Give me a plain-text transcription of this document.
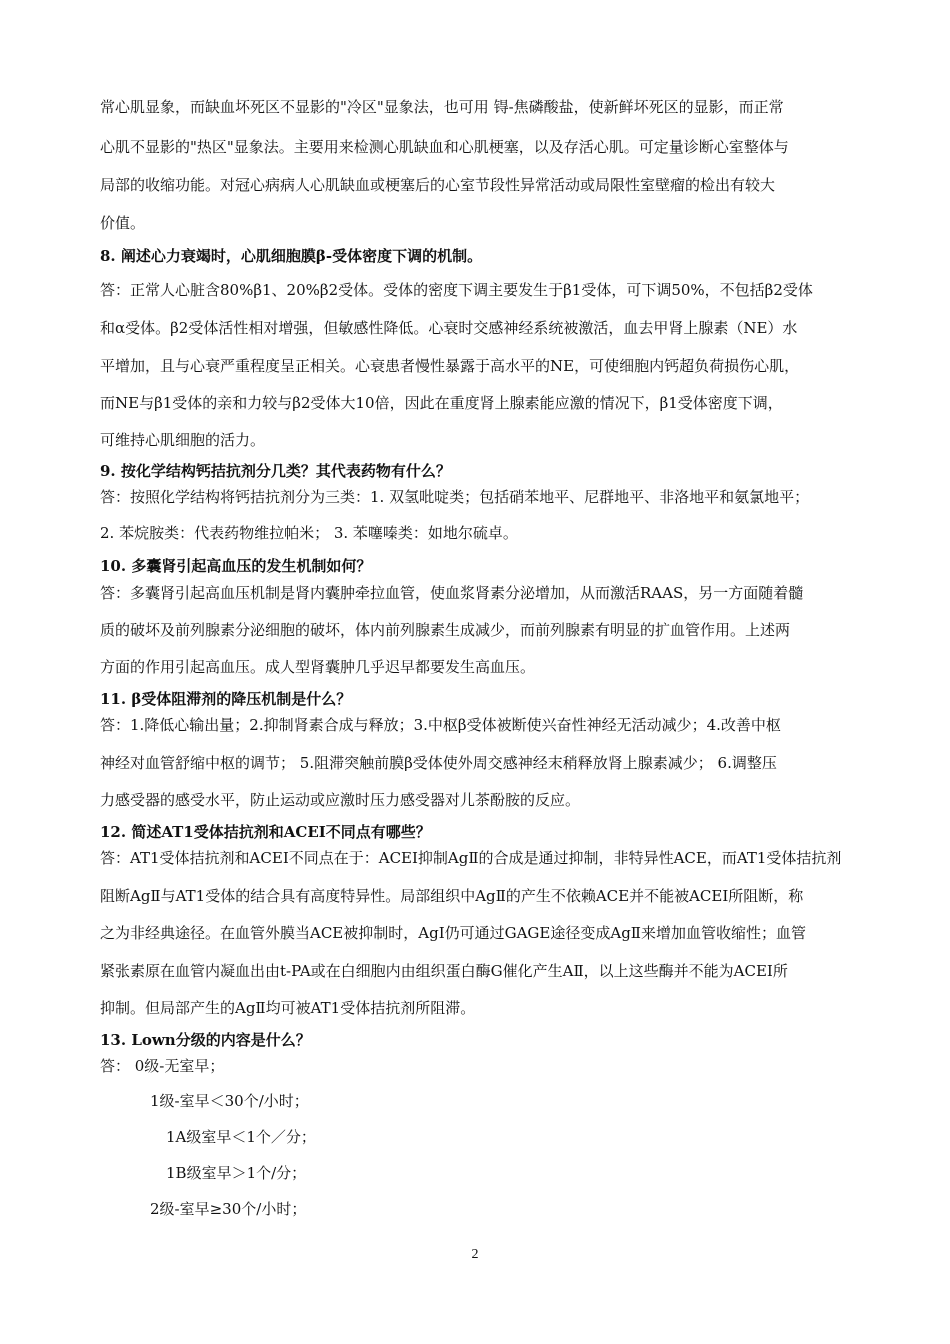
常心肌显象，而缺血坏死区不显影的"冷区"显象法，也可用 锝-焦磷酸盐，使新鲜坏死区的显影，而正常
心肌不显影的"热区"显象法。主要用来检测心肌缺血和心肌梗塞，以及存活心肌。可定量诊断心室整体与
局部的收缩功能。对冠心病病人心肌缺血或梗塞后的心室节段性异常活动或局限性室壁瘤的检出有较大
价值。
8. 阐述心力衰竭时，心肌细胞膜β-受体密度下调的机制。
答：正常人心脏含80%β1、20%β2受体。受体的密度下调主要发生于β1受体，可下调50%，不包括β2受体
和α受体。β2受体活性相对增强，但敏感性降低。心衰时交感神经系统被激活，血去甲肾上腺素（NE）水
平增加，且与心衰严重程度呈正相关。心衰患者慢性暴露于高水平的NE，可使细胞内钙超负荷损伤心肌，
而NE与β1受体的亲和力较与β2受体大10倍，因此在重度肾上腺素能应激的情况下，β1受体密度下调，
可维持心肌细胞的活力。
9. 按化学结构钙拮抗剂分几类？其代表药物有什么？
答：按照化学结构将钙拮抗剂分为三类：1. 双氢吡啶类；包括硝苯地平、尼群地平、非洛地平和氨氯地平；
2. 苯烷胺类：代表药物维拉帕米； 3. 苯噻嗪类：如地尔硫卓。
10. 多囊肾引起高血压的发生机制如何？
答：多囊肾引起高血压机制是肾内囊肿牵拉血管，使血浆肾素分泌增加，从而激活RAAS，另一方面随着髓
质的破坏及前列腺素分泌细胞的破坏，体内前列腺素生成减少，而前列腺素有明显的扩血管作用。上述两
方面的作用引起高血压。成人型肾囊肿几乎迟早都要发生高血压。
11. β受体阻滞剂的降压机制是什么？
答：1.降低心输出量；2.抑制肾素合成与释放；3.中枢β受体被断使兴奋性神经无活动减少；4.改善中枢
神经对血管舒缩中枢的调节； 5.阻滞突触前膜β受体使外周交感神经末稍释放肾上腺素减少； 6.调整压
力感受器的感受水平，防止运动或应激时压力感受器对儿茶酚胺的反应。
12. 简述AT1受体拮抗剂和ACEI不同点有哪些？
答：AT1受体拮抗剂和ACEI不同点在于：ACEI抑制AgⅡ的合成是通过抑制，非特异性ACE，而AT1受体拮抗剂
阻断AgⅡ与AT1受体的结合具有高度特异性。局部组织中AgⅡ的产生不依赖ACE并不能被ACEI所阻断，称
之为非经典途径。在血管外膜当ACE被抑制时，AgⅠ仍可通过GAGE途径变成AgⅡ来增加血管收缩性；血管
紧张素原在血管内凝血出由t-PA或在白细胞内由组织蛋白酶G催化产生AⅡ，以上这些酶并不能为ACEI所
抑制。但局部产生的AgⅡ均可被AT1受体拮抗剂所阻滞。
13. Lown分级的内容是什么？
答： 0级-无室早；
1级-室早＜30个/小时；
1A级室早＜1个／分；
1B级室早＞1个/分；
2级-室早≥30个/小时；
2
